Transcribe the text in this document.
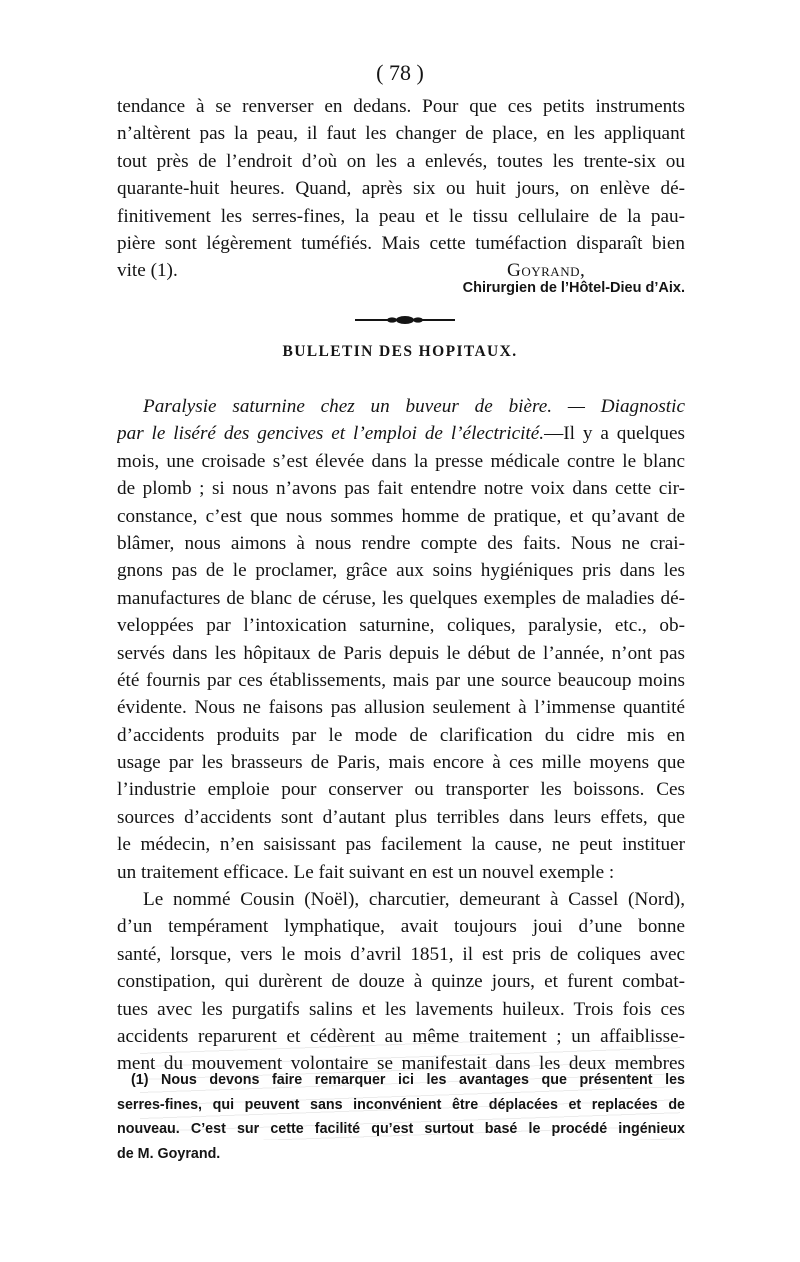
( 78 )
tendance à se renverser en dedans. Pour que ces petits instruments
n’altèrent pas la peau, il faut les changer de place, en les appliquant
tout près de l’endroit d’où on les a enlevés, toutes les trente-six ou
quarante-huit heures. Quand, après six ou huit jours, on enlève dé-
finitivement les serres-fines, la peau et le tissu cellulaire de la pau-
pière sont légèrement tuméfiés. Mais cette tuméfaction disparaît bien
vite (1).	Goyrand,
Chirurgien de l’Hôtel-Dieu d’Aix.
BULLETIN DES HOPITAUX.
Paralysie saturnine chez un buveur de bière. — Diagnostic
par le liséré des gencives et l’emploi de l’électricité.—Il y a quelques
mois, une croisade s’est élevée dans la presse médicale contre le blanc
de plomb ; si nous n’avons pas fait entendre notre voix dans cette cir-
constance, c’est que nous sommes homme de pratique, et qu’avant de
blâmer, nous aimons à nous rendre compte des faits. Nous ne crai-
gnons pas de le proclamer, grâce aux soins hygiéniques pris dans les
manufactures de blanc de céruse, les quelques exemples de maladies dé-
veloppées par l’intoxication saturnine, coliques, paralysie, etc., ob-
servés dans les hôpitaux de Paris depuis le début de l’année, n’ont pas
été fournis par ces établissements, mais par une source beaucoup moins
évidente. Nous ne faisons pas allusion seulement à l’immense quantité
d’accidents produits par le mode de clarification du cidre mis en
usage par les brasseurs de Paris, mais encore à ces mille moyens que
l’industrie emploie pour conserver ou transporter les boissons. Ces
sources d’accidents sont d’autant plus terribles dans leurs effets, que
le médecin, n’en saisissant pas facilement la cause, ne peut instituer
un traitement efficace. Le fait suivant en est un nouvel exemple :
Le nommé Cousin (Noël), charcutier, demeurant à Cassel (Nord),
d’un tempérament lymphatique, avait toujours joui d’une bonne
santé, lorsque, vers le mois d’avril 1851, il est pris de coliques avec
constipation, qui durèrent de douze à quinze jours, et furent combat-
tues avec les purgatifs salins et les lavements huileux. Trois fois ces
accidents reparurent et cédèrent au même traitement ; un affaiblisse-
ment du mouvement volontaire se manifestait dans les deux membres
(1) Nous devons faire remarquer ici les avantages que présentent les
serres-fines, qui peuvent sans inconvénient être déplacées et replacées de
nouveau. C’est sur cette facilité qu’est surtout basé le procédé ingénieux
de M. Goyrand.
